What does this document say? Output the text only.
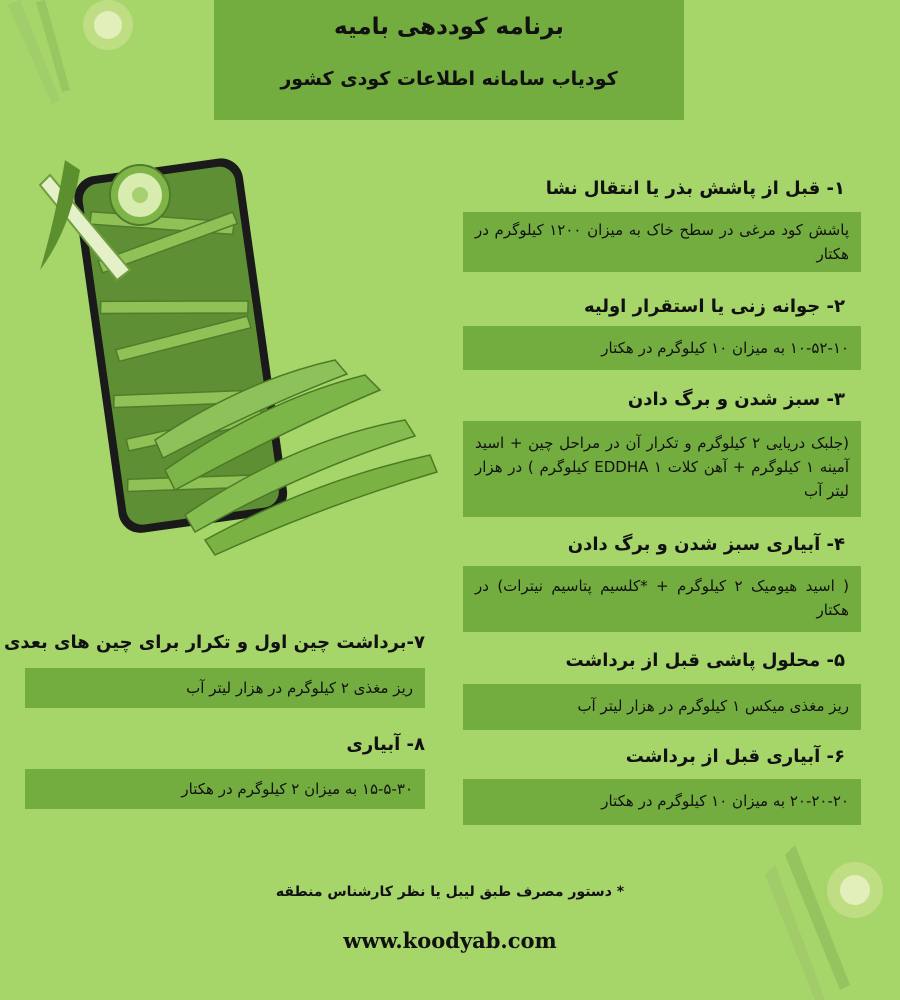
برنامه کوددهی بامیه
کودیاب سامانه اطلاعات کودی کشور
۱- قبل از پاشش بذر یا انتقال نشا
پاشش کود مرغی در سطح خاک به میزان ۱۲۰۰ کیلوگرم در هکتار
۲- جوانه زنی یا استقرار اولیه
۱۰-۵۲-۱۰ به میزان ۱۰ کیلوگرم در هکتار
۳- سبز شدن و برگ دادن
(جلبک دریایی ۲ کیلوگرم و تکرار آن در مراحل چین + اسید آمینه ۱ کیلوگرم + آهن کلات EDDHA ۱ کیلوگرم ) در هزار لیتر آب
۴- آبیاری سبز شدن و برگ دادن
( اسید هیومیک ۲ کیلوگرم + *کلسیم پتاسیم نیترات) در هکتار
۵- محلول پاشی قبل از برداشت
ریز مغذی میکس ۱ کیلوگرم در هزار لیتر آب
۶- آبیاری قبل از برداشت
۲۰-۲۰-۲۰ به میزان ۱۰ کیلوگرم در هکتار
۷-برداشت چین اول و تکرار برای چین های بعدی
ریز مغذی ۲ کیلوگرم در هزار لیتر آب
۸- آبیاری
۱۵-۵-۳۰ به میزان ۲ کیلوگرم در هکتار
* دستور مصرف طبق لیبل یا نظر کارشناس منطقه
www.koodyab.com
